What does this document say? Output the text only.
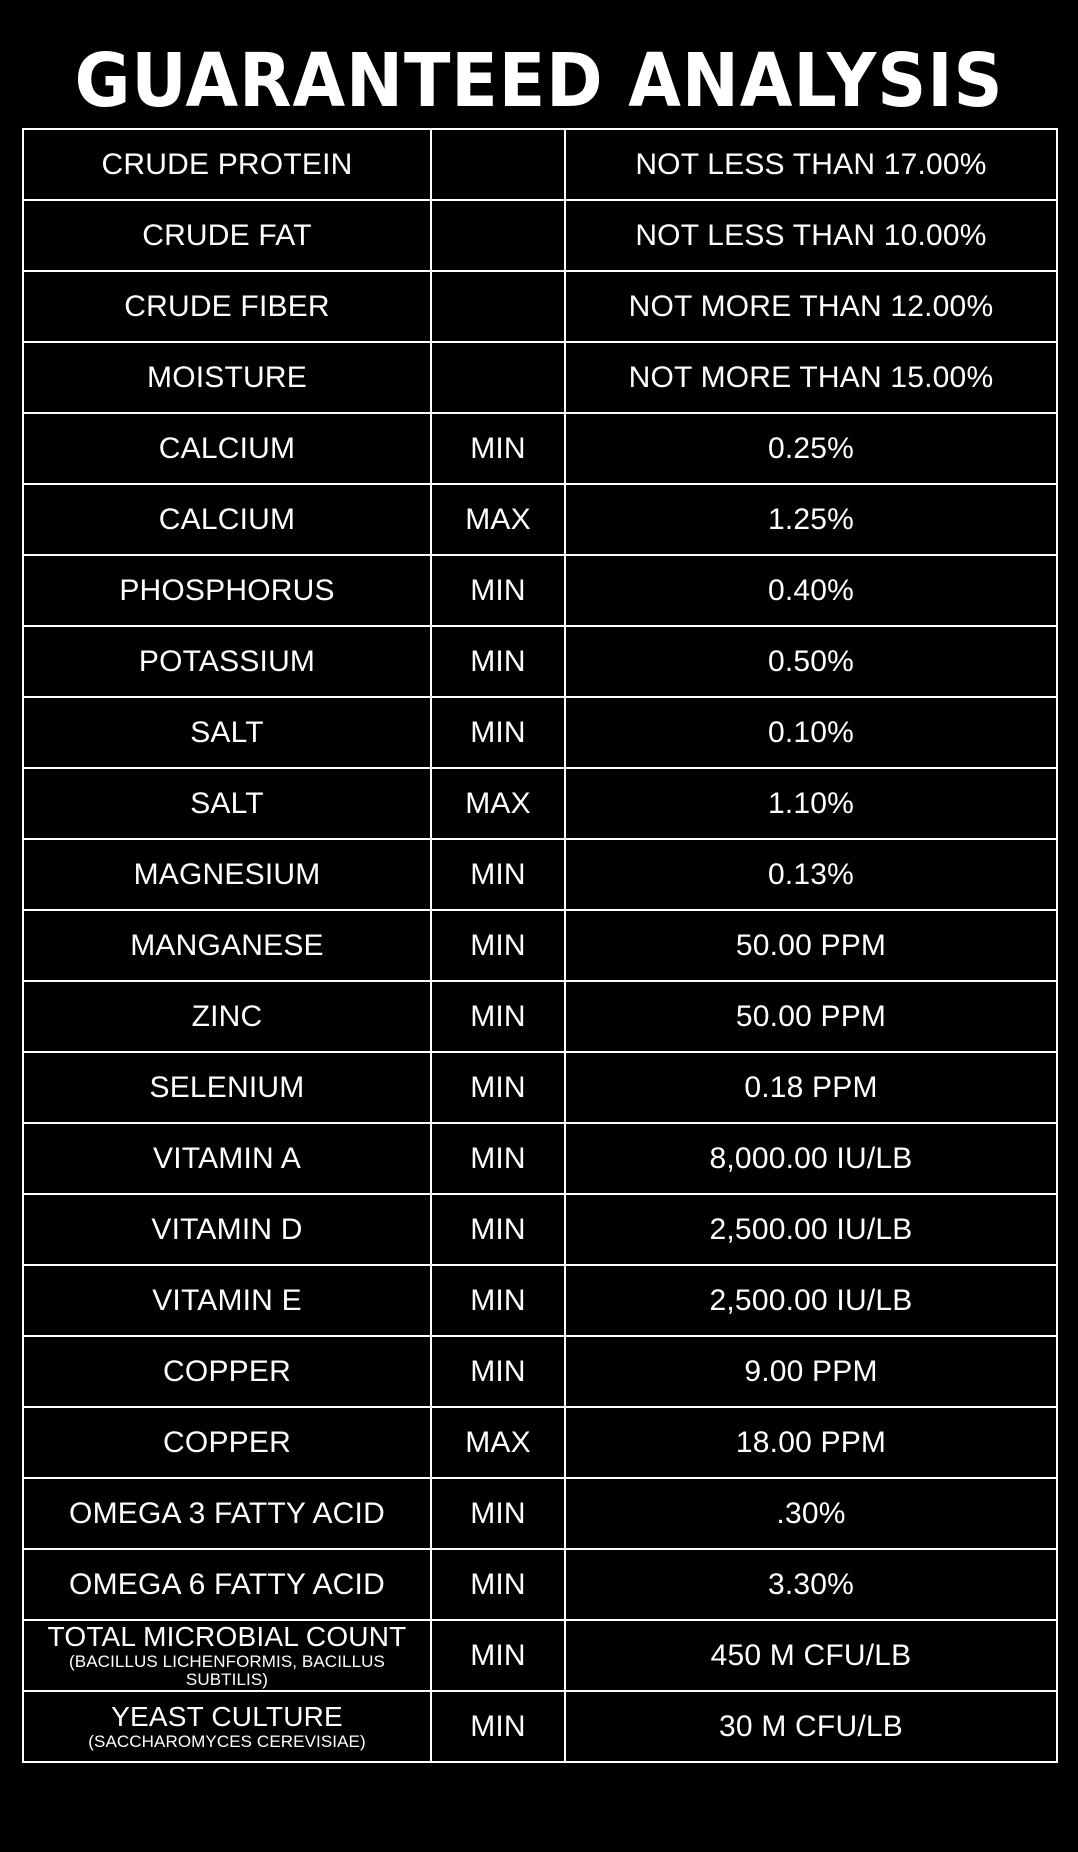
GUARANTEED ANALYSIS
CRUDE PROTEIN		NOT LESS THAN 17.00%
CRUDE FAT		NOT LESS THAN 10.00%
CRUDE FIBER		NOT MORE THAN 12.00%
MOISTURE		NOT MORE THAN 15.00%
CALCIUM	MIN	0.25%
CALCIUM	MAX	1.25%
PHOSPHORUS	MIN	0.40%
POTASSIUM	MIN	0.50%
SALT	MIN	0.10%
SALT	MAX	1.10%
MAGNESIUM	MIN	0.13%
MANGANESE	MIN	50.00 PPM
ZINC	MIN	50.00 PPM
SELENIUM	MIN	0.18 PPM
VITAMIN A	MIN	8,000.00 IU/LB
VITAMIN D	MIN	2,500.00 IU/LB
VITAMIN E	MIN	2,500.00 IU/LB
COPPER	MIN	9.00 PPM
COPPER	MAX	18.00 PPM
OMEGA 3 FATTY ACID	MIN	.30%
OMEGA 6 FATTY ACID	MIN	3.30%

TOTAL MICROBIAL COUNT
(BACILLUS LICHENFORMIS, BACILLUS SUBTILIS)	MIN	450 M CFU/LB

YEAST CULTURE
(SACCHAROMYCES CEREVISIAE)	MIN	30 M CFU/LB
